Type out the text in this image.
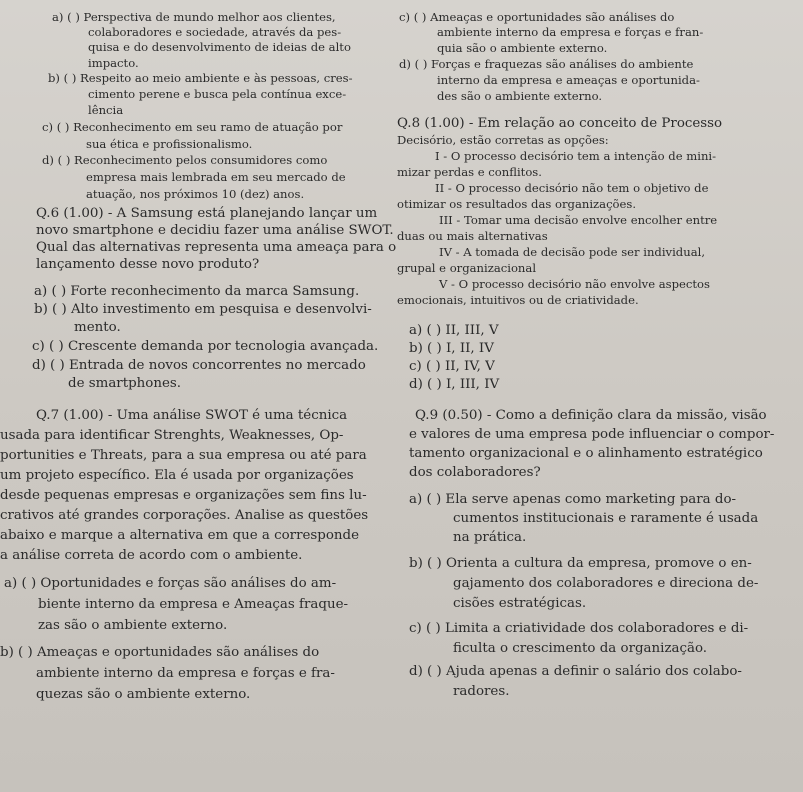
a) ( ) Perspectiva de mundo melhor aos clientes,
colaboradores e sociedade, através da pes-
quisa e do desenvolvimento de ideias de alto
impacto.
b) ( ) Respeito ao meio ambiente e às pessoas, cres-
cimento perene e busca pela contínua exce-
lência
c) ( ) Reconhecimento em seu ramo de atuação por
sua ética e profissionalismo.
d) ( ) Reconhecimento pelos consumidores como
empresa mais lembrada em seu mercado de
atuação, nos próximos 10 (dez) anos.
Q.6 (1.00) - A Samsung está planejando lançar um
novo smartphone e decidiu fazer uma análise SWOT.
Qual das alternativas representa uma ameaça para o
lançamento desse novo produto?
a) ( ) Forte reconhecimento da marca Samsung.
b) ( ) Alto investimento em pesquisa e desenvolvi-
mento.
c) ( ) Crescente demanda por tecnologia avançada.
d) ( ) Entrada de novos concorrentes no mercado
de smartphones.
Q.7 (1.00) - Uma análise SWOT é uma técnica
usada para identificar Strenghts, Weaknesses, Op-
portunities e Threats, para a sua empresa ou até para
um projeto específico. Ela é usada por organizações
desde pequenas empresas e organizações sem fins lu-
crativos até grandes corporações. Analise as questões
abaixo e marque a alternativa em que a corresponde
a análise correta de acordo com o ambiente.
a) ( ) Oportunidades e forças são análises do am-
biente interno da empresa e Ameaças fraque-
zas são o ambiente externo.
b) ( ) Ameaças e oportunidades são análises do
ambiente interno da empresa e forças e fra-
quezas são o ambiente externo.
c) ( ) Ameaças e oportunidades são análises do
ambiente interno da empresa e forças e fran-
quia são o ambiente externo.
d) ( ) Forças e fraquezas são análises do ambiente
interno da empresa e ameaças e oportunida-
des são o ambiente externo.
Q.8 (1.00) - Em relação ao conceito de Processo
Decisório, estão corretas as opções:
I - O processo decisório tem a intenção de mini-
mizar perdas e conflitos.
II - O processo decisório não tem o objetivo de
otimizar os resultados das organizações.
III - Tomar uma decisão envolve encolher entre
duas ou mais alternativas
IV - A tomada de decisão pode ser individual,
grupal e organizacional
V - O processo decisório não envolve aspectos
emocionais, intuitivos ou de criatividade.
a) ( ) II, III, V
b) ( ) I, II, IV
c) ( ) II, IV, V
d) ( ) I, III, IV
Q.9 (0.50) - Como a definição clara da missão, visão
e valores de uma empresa pode influenciar o compor-
tamento organizacional e o alinhamento estratégico
dos colaboradores?
a) ( ) Ela serve apenas como marketing para do-
cumentos institucionais e raramente é usada
na prática.
b) ( ) Orienta a cultura da empresa, promove o en-
gajamento dos colaboradores e direciona de-
cisões estratégicas.
c) ( ) Limita a criatividade dos colaboradores e di-
ficulta o crescimento da organização.
d) ( ) Ajuda apenas a definir o salário dos colabo-
radores.
